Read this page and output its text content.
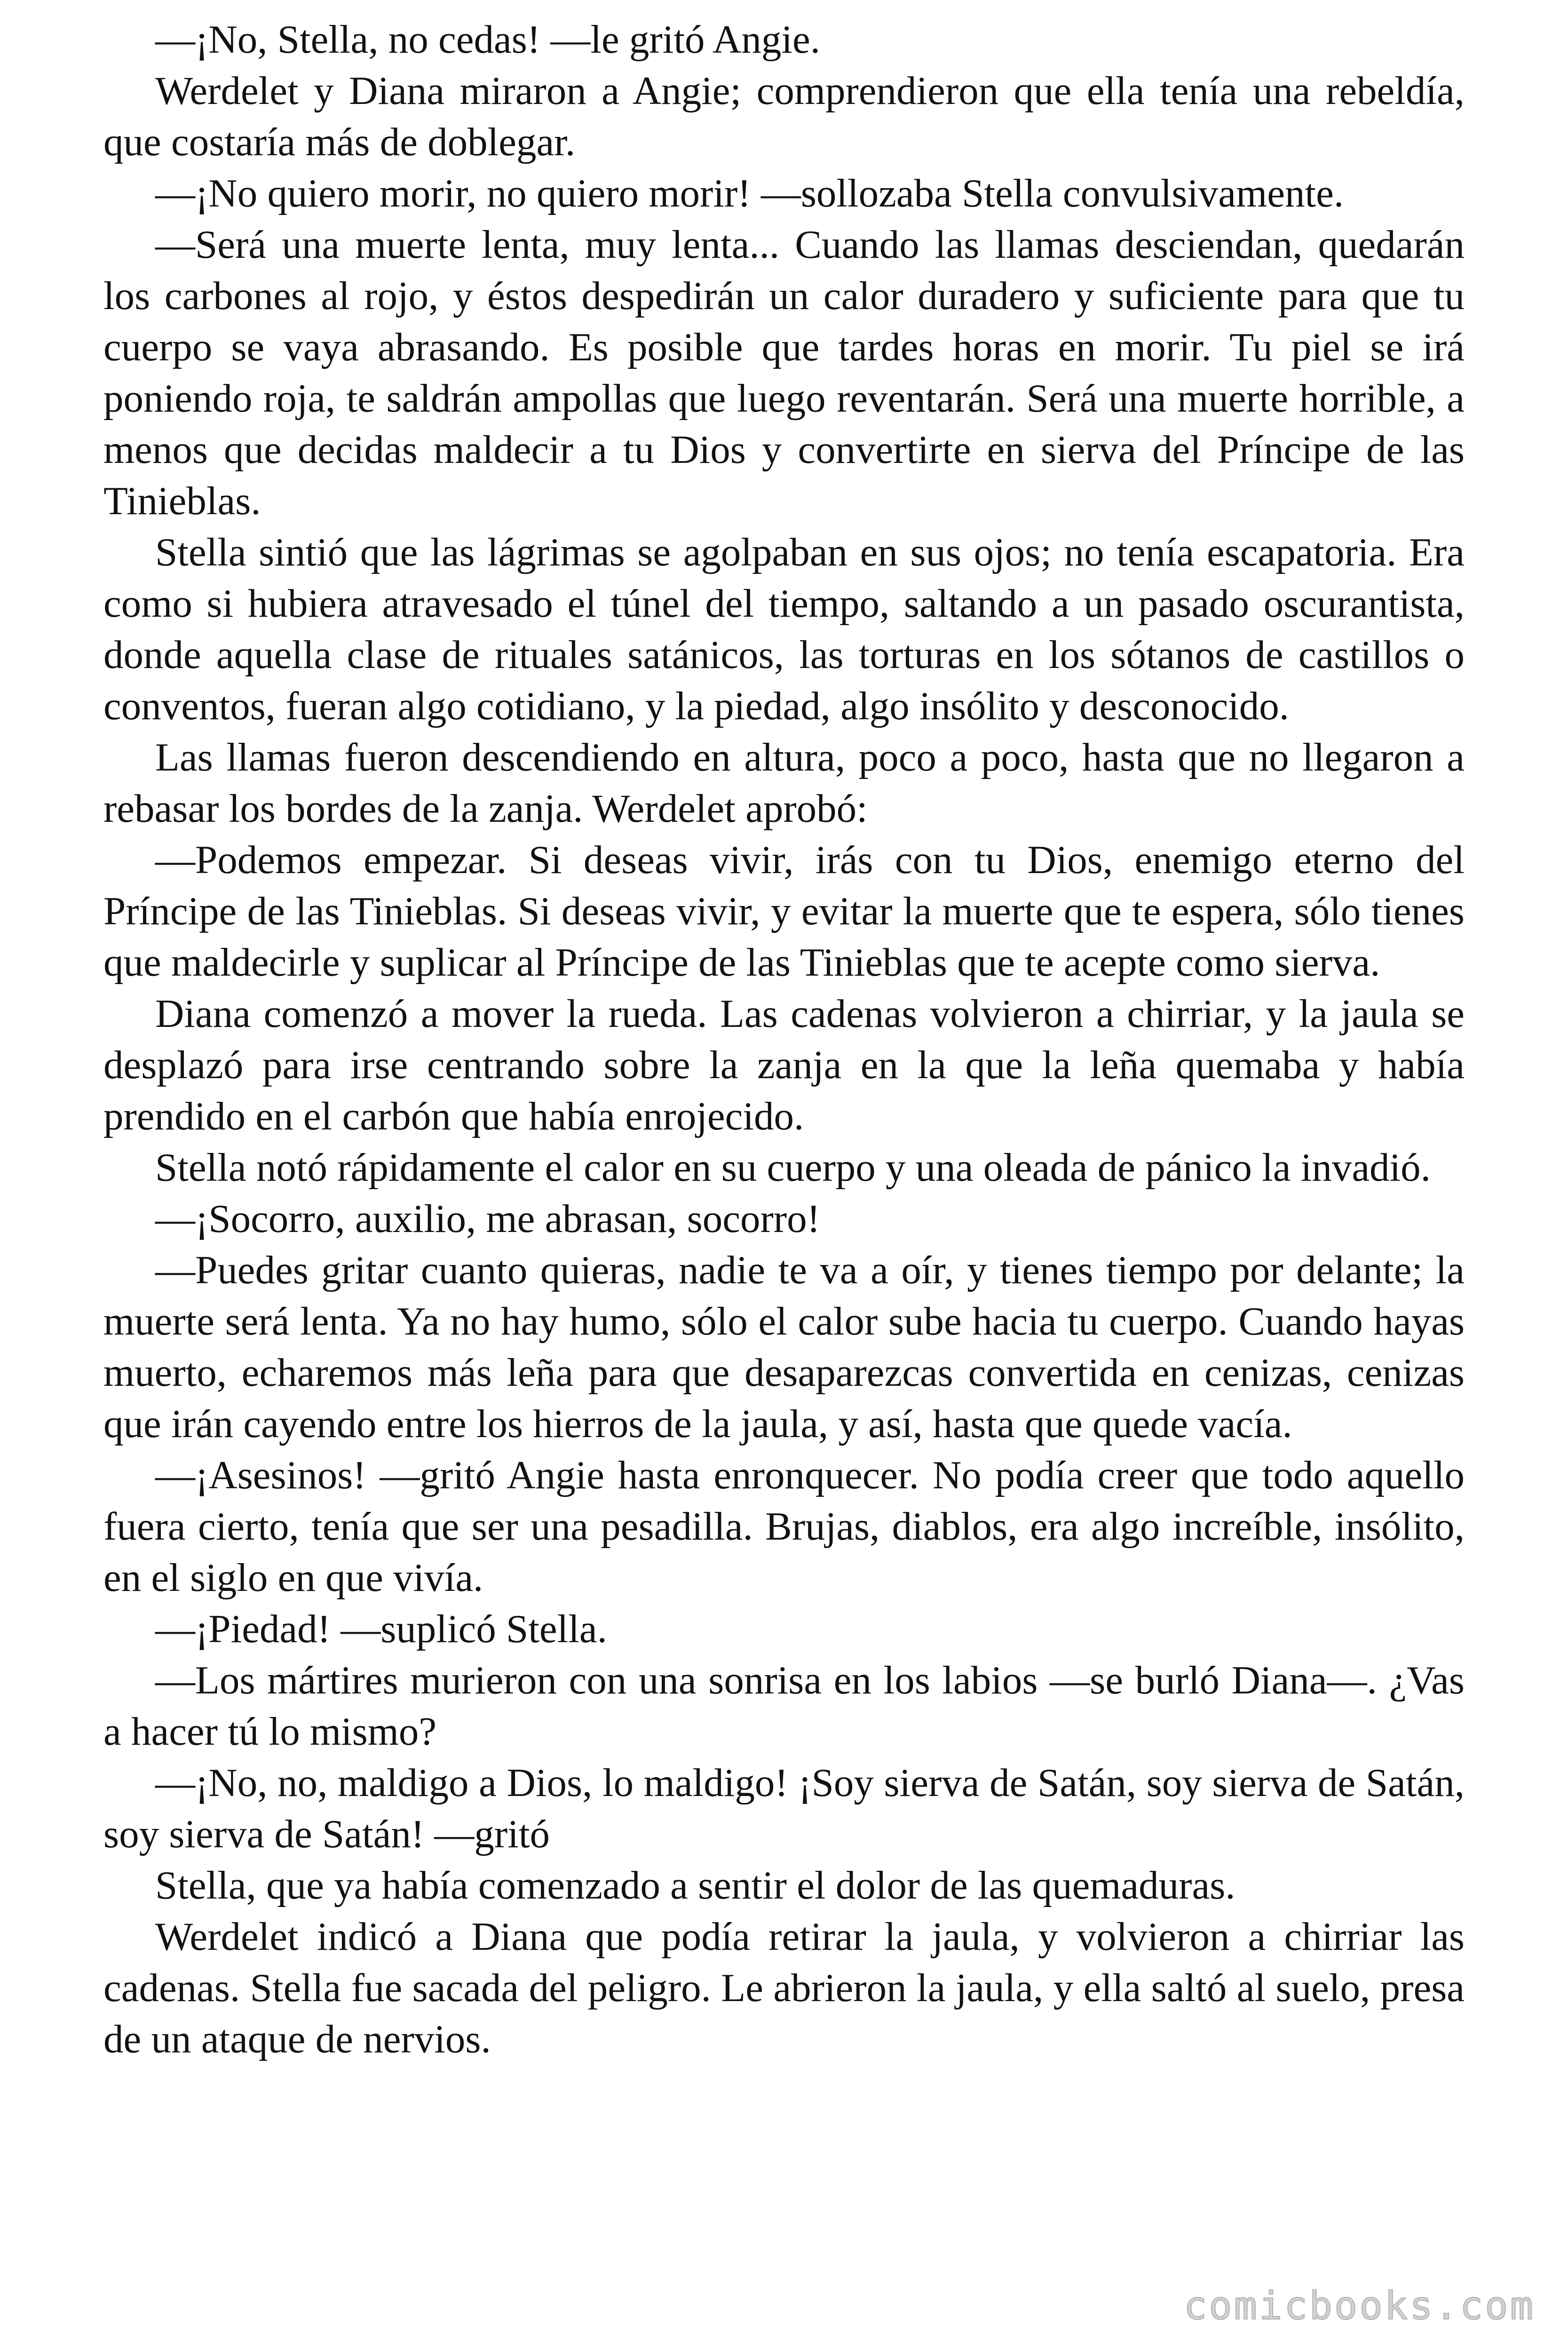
—¡No, Stella, no cedas! —le gritó Angie.

Werdelet y Diana miraron a Angie; comprendieron que ella tenía una rebeldía, que costaría más de doblegar.

—¡No quiero morir, no quiero morir! —sollozaba Stella convulsivamente.

—Será una muerte lenta, muy lenta... Cuando las llamas desciendan, quedarán los carbones al rojo, y éstos despedirán un calor duradero y suficiente para que tu cuerpo se vaya abrasando. Es posible que tardes horas en morir. Tu piel se irá poniendo roja, te saldrán ampollas que luego reventarán. Será una muerte horrible, a menos que decidas maldecir a tu Dios y convertirte en sierva del Príncipe de las Tinieblas.

Stella sintió que las lágrimas se agolpaban en sus ojos; no tenía escapatoria. Era como si hubiera atravesado el túnel del tiempo, saltando a un pasado oscurantista, donde aquella clase de rituales satánicos, las torturas en los sótanos de castillos o conventos, fueran algo cotidiano, y la piedad, algo insólito y desconocido.

Las llamas fueron descendiendo en altura, poco a poco, hasta que no llegaron a rebasar los bordes de la zanja. Werdelet aprobó:

—Podemos empezar. Si deseas vivir, irás con tu Dios, enemigo eterno del Príncipe de las Tinieblas. Si deseas vivir, y evitar la muerte que te espera, sólo tienes que maldecirle y suplicar al Príncipe de las Tinieblas que te acepte como sierva.

Diana comenzó a mover la rueda. Las cadenas volvieron a chirriar, y la jaula se desplazó para irse centrando sobre la zanja en la que la leña quemaba y había prendido en el carbón que había enrojecido.

Stella notó rápidamente el calor en su cuerpo y una oleada de pánico la invadió.

—¡Socorro, auxilio, me abrasan, socorro!

—Puedes gritar cuanto quieras, nadie te va a oír, y tienes tiempo por delante; la muerte será lenta. Ya no hay humo, sólo el calor sube hacia tu cuerpo. Cuando hayas muerto, echaremos más leña para que desaparezcas convertida en cenizas, cenizas que irán cayendo entre los hierros de la jaula, y así, hasta que quede vacía.

—¡Asesinos! —gritó Angie hasta enronquecer. No podía creer que todo aquello fuera cierto, tenía que ser una pesadilla. Brujas, diablos, era algo increíble, insólito, en el siglo en que vivía.

—¡Piedad! —suplicó Stella.

—Los mártires murieron con una sonrisa en los labios —se burló Diana—. ¿Vas a hacer tú lo mismo?

—¡No, no, maldigo a Dios, lo maldigo! ¡Soy sierva de Satán, soy sierva de Satán, soy sierva de Satán! —gritó

Stella, que ya había comenzado a sentir el dolor de las quemaduras.

Werdelet indicó a Diana que podía retirar la jaula, y volvieron a chirriar las cadenas. Stella fue sacada del peligro. Le abrieron la jaula, y ella saltó al suelo, presa de un ataque de nervios.

comicbooks.com
